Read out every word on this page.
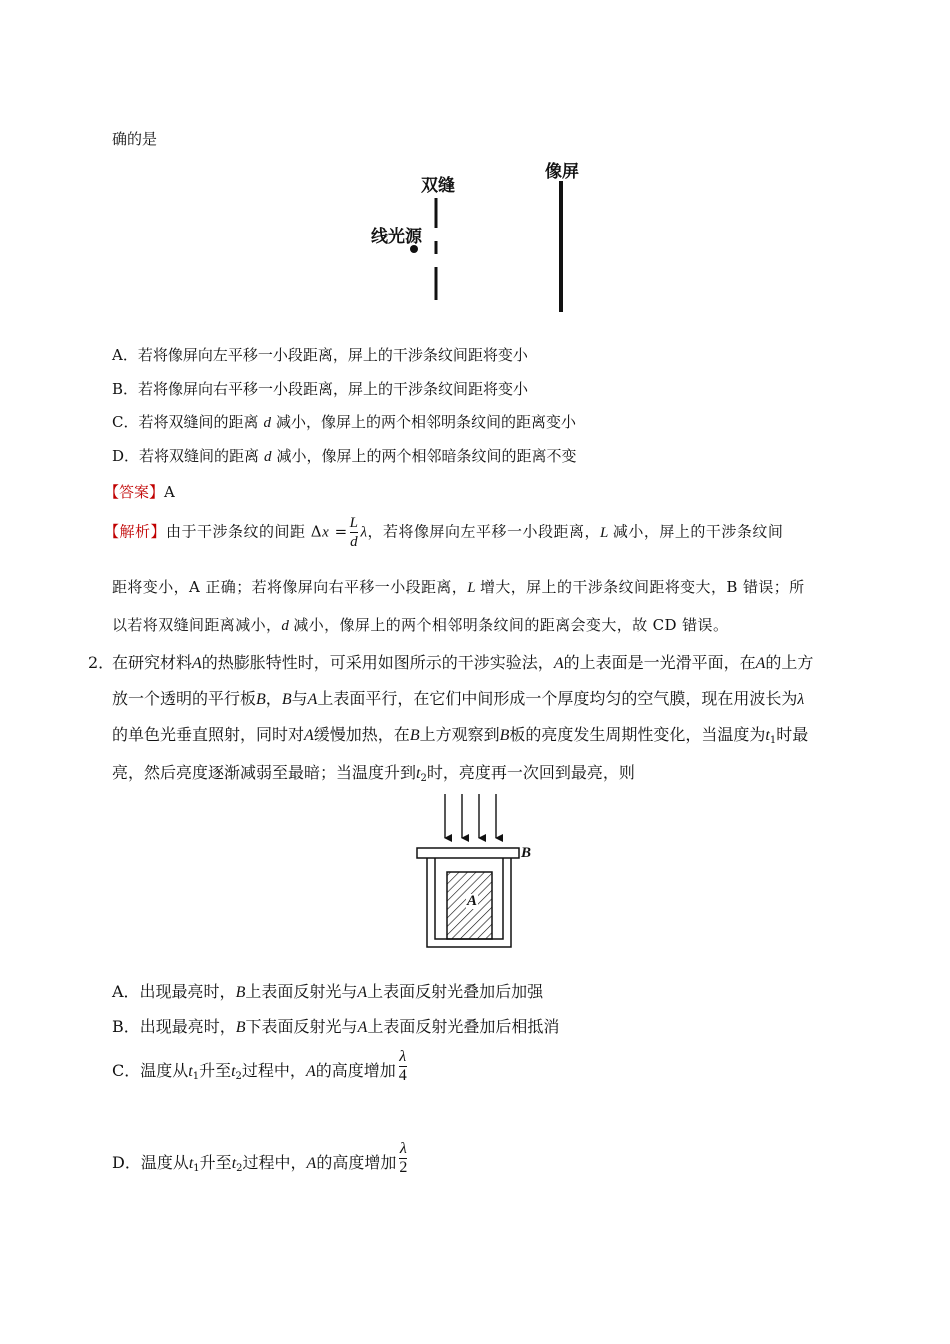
确的是
双缝
像屏
线光源
A．若将像屏向左平移一小段距离，屏上的干涉条纹间距将变小
B．若将像屏向右平移一小段距离，屏上的干涉条纹间距将变小
C．若将双缝间的距离 d 减小，像屏上的两个相邻明条纹间的距离变小
D．若将双缝间的距离 d 减小，像屏上的两个相邻暗条纹间的距离不变
【答案】A
【解析】由于干涉条纹的间距 $\Delta x = \frac{L}{d}$ λ，若将像屏向左平移一小段距离，L 减小，屏上的干涉条纹间
距将变小，A 正确；若将像屏向右平移一小段距离，L 增大，屏上的干涉条纹间距将变大，B 错误；所
以若将双缝间距离减小，d 减小，像屏上的两个相邻明条纹间的距离会变大，故 CD 错误。
2．
在研究材料A的热膨胀特性时，可采用如图所示的干涉实验法，A的上表面是一光滑平面，在A的上方
放一个透明的平行板B，B与A上表面平行，在它们中间形成一个厚度均匀的空气膜，现在用波长为λ
的单色光垂直照射，同时对A缓慢加热，在B上方观察到B板的亮度发生周期性变化，当温度为$t_1$时最
亮，然后亮度逐渐减弱至最暗；当温度升到$t_2$时，亮度再一次回到最亮，则
B
A
A．出现最亮时，B上表面反射光与A上表面反射光叠加后加强
B．出现最亮时，B下表面反射光与A上表面反射光叠加后相抵消
C．温度从$t_1$升至$t_2$过程中，A的高度增加 $\frac{\lambda}{4}$
D．温度从$t_1$升至$t_2$过程中，A的高度增加 $\frac{\lambda}{2}$
